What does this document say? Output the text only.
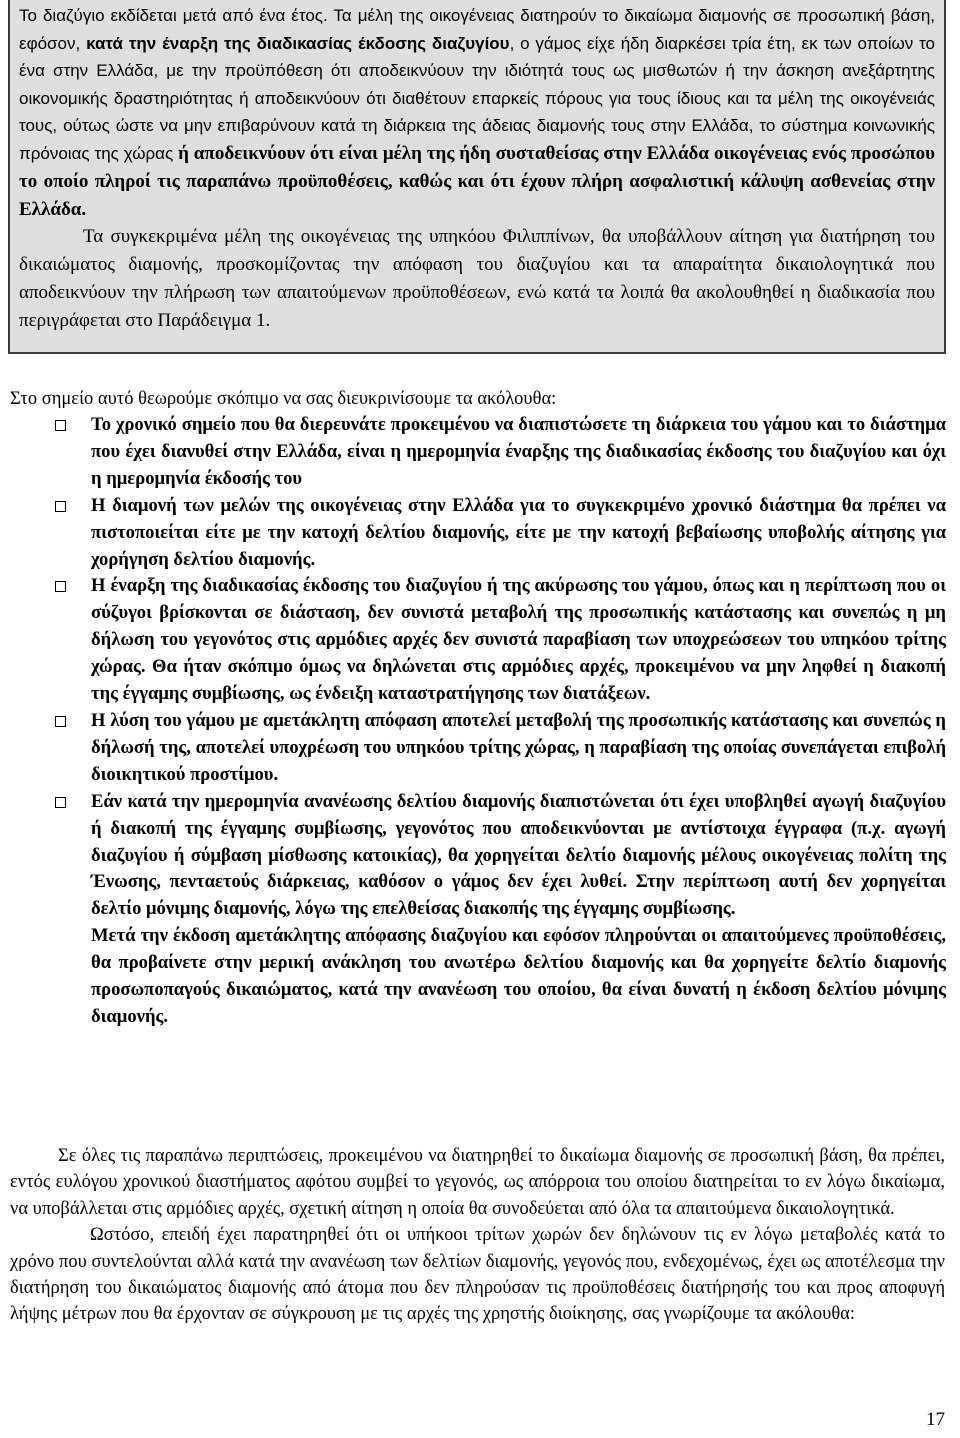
Το διαζύγιο εκδίδεται μετά από ένα έτος. Τα μέλη της οικογένειας διατηρούν το δικαίωμα διαμονής σε προσωπική βάση, εφόσον, κατά την έναρξη της διαδικασίας έκδοσης διαζυγίου, ο γάμος είχε ήδη διαρκέσει τρία έτη, εκ των οποίων το ένα στην Ελλάδα, με την προϋπόθεση ότι αποδεικνύουν την ιδιότητά τους ως μισθωτών ή την άσκηση ανεξάρτητης οικονομικής δραστηριότητας ή αποδεικνύουν ότι διαθέτουν επαρκείς πόρους για τους ίδιους και τα μέλη της οικογένειάς τους, ούτως ώστε να μην επιβαρύνουν κατά τη διάρκεια της άδειας διαμονής τους στην Ελλάδα, το σύστημα κοινωνικής πρόνοιας της χώρας ή αποδεικνύουν ότι είναι μέλη της ήδη συσταθείσας στην Ελλάδα οικογένειας ενός προσώπου το οποίο πληροί τις παραπάνω προϋποθέσεις, καθώς και ότι έχουν πλήρη ασφαλιστική κάλυψη ασθενείας στην Ελλάδα.

Τα συγκεκριμένα μέλη της οικογένειας της υπηκόου Φιλιππίνων, θα υποβάλλουν αίτηση για διατήρηση του δικαιώματος διαμονής, προσκομίζοντας την απόφαση του διαζυγίου και τα απαραίτητα δικαιολογητικά που αποδεικνύουν την πλήρωση των απαιτούμενων προϋποθέσεων, ενώ κατά τα λοιπά θα ακολουθηθεί η διαδικασία που περιγράφεται στο Παράδειγμα 1.

Στο σημείο αυτό θεωρούμε σκόπιμο να σας διευκρινίσουμε τα ακόλουθα:

Το χρονικό σημείο που θα διερευνάτε προκειμένου να διαπιστώσετε τη διάρκεια του γάμου και το διάστημα που έχει διανυθεί στην Ελλάδα, είναι η ημερομηνία έναρξης της διαδικασίας έκδοσης του διαζυγίου και όχι η ημερομηνία έκδοσής του
Η διαμονή των μελών της οικογένειας στην Ελλάδα για το συγκεκριμένο χρονικό διάστημα θα πρέπει να πιστοποιείται είτε με την κατοχή δελτίου διαμονής, είτε με την κατοχή βεβαίωσης υποβολής αίτησης για χορήγηση δελτίου διαμονής.
Η έναρξη της διαδικασίας έκδοσης του διαζυγίου ή της ακύρωσης του γάμου, όπως και η περίπτωση που οι σύζυγοι βρίσκονται σε διάσταση, δεν συνιστά μεταβολή της προσωπικής κατάστασης και συνεπώς η μη δήλωση του γεγονότος στις αρμόδιες αρχές δεν συνιστά παραβίαση των υποχρεώσεων του υπηκόου τρίτης χώρας. Θα ήταν σκόπιμο όμως να δηλώνεται στις αρμόδιες αρχές, προκειμένου να μην ληφθεί η διακοπή της έγγαμης συμβίωσης, ως ένδειξη καταστρατήγησης των διατάξεων.
Η λύση του γάμου με αμετάκλητη απόφαση αποτελεί μεταβολή της προσωπικής κατάστασης και συνεπώς η δήλωσή της, αποτελεί υποχρέωση του υπηκόου τρίτης χώρας, η παραβίαση της οποίας συνεπάγεται επιβολή διοικητικού προστίμου.
Εάν κατά την ημερομηνία ανανέωσης δελτίου διαμονής διαπιστώνεται ότι έχει υποβληθεί αγωγή διαζυγίου ή διακοπή της έγγαμης συμβίωσης, γεγονότος που αποδεικνύονται με αντίστοιχα έγγραφα (π.χ. αγωγή διαζυγίου ή σύμβαση μίσθωσης κατοικίας), θα χορηγείται δελτίο διαμονής μέλους οικογένειας πολίτη της Ένωσης, πενταετούς διάρκειας, καθόσον ο γάμος δεν έχει λυθεί. Στην περίπτωση αυτή δεν χορηγείται δελτίο μόνιμης διαμονής, λόγω της επελθείσας διακοπής της έγγαμης συμβίωσης.
Μετά την έκδοση αμετάκλητης απόφασης διαζυγίου και εφόσον πληρούνται οι απαιτούμενες προϋποθέσεις, θα προβαίνετε στην μερική ανάκληση του ανωτέρω δελτίου διαμονής και θα χορηγείτε δελτίο διαμονής προσωποπαγούς δικαιώματος, κατά την ανανέωση του οποίου, θα είναι δυνατή η έκδοση δελτίου μόνιμης διαμονής.

Σε όλες τις παραπάνω περιπτώσεις, προκειμένου να διατηρηθεί το δικαίωμα διαμονής σε προσωπική βάση, θα πρέπει, εντός ευλόγου χρονικού διαστήματος αφότου συμβεί το γεγονός, ως απόρροια του οποίου διατηρείται το εν λόγω δικαίωμα, να υποβάλλεται στις αρμόδιες αρχές, σχετική αίτηση η οποία θα συνοδεύεται από όλα τα απαιτούμενα δικαιολογητικά.

Ωστόσο, επειδή έχει παρατηρηθεί ότι οι υπήκοοι τρίτων χωρών δεν δηλώνουν τις εν λόγω μεταβολές κατά το χρόνο που συντελούνται αλλά κατά την ανανέωση των δελτίων διαμονής, γεγονός που, ενδεχομένως, έχει ως αποτέλεσμα την διατήρηση του δικαιώματος διαμονής από άτομα που δεν πληρούσαν τις προϋποθέσεις διατήρησής του και προς αποφυγή λήψης μέτρων που θα έρχονταν σε σύγκρουση με τις αρχές της χρηστής διοίκησης, σας γνωρίζουμε τα ακόλουθα:

17
